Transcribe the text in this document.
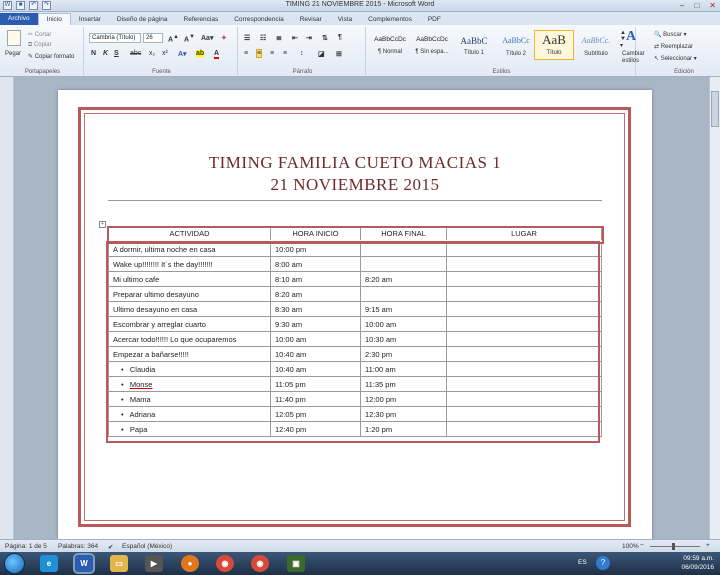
W	■	↶	↷	TIMING 21 NOVIEMBRE 2015 - Microsoft Word	– □ ✕
Archivo	Inicio	Insertar	Diseño de página	Referencias	Correspondencia	Revisar	Vista	Complementos	PDF
Pegar
✂ Cortar
⧉ Copiar
✎ Copiar formato
Portapapeles
Cambria (Título)	26	A▲ A▼ Aa▾ ✦
N K S abc x₂ x² A▾ ab A
Fuente
☰ ☷ ≣ ⇤ ⇥ ⇅ ¶
≡ ≡ ≡ ≡ ↕ ◪ ⊞
Párrafo
AaBbCcDc
¶ Normal
AaBbCcDc
¶ Sin espa...
AaBbC
Título 1
AaBbCc
Título 2
AaB
Título
AaBbCc.
Subtítulo
▲
▼
▾
Estilos
A
Cambiar estilos
🔍 Buscar ▾
⇄ Reemplazar
↖ Seleccionar ▾
Edición
TIMING FAMILIA CUETO MACIAS 1
21 NOVIEMBRE 2015
+
ACTIVIDAD	HORA INICIO	HORA FINAL	LUGAR
A dormir, ultima noche en casa	10:00 pm		
Wake up!!!!!!!! It´s the day!!!!!!!	8:00 am		
Mi ultimo cafe	8:10 am	8:20 am	
Preparar ultimo desayuno	8:20 am		
Ultimo desayuno en casa	8:30 am	9:15 am	
Escombrar y arreglar cuarto	9:30 am	10:00 am	
Acercar todo!!!!!! Lo que ocuparemos	10:00 am	10:30 am	
Empezar a bañarse!!!!!	10:40 am	2:30 pm	
•   Claudia	10:40 am	11:00 am	
•   Monse	11:05 pm	11:35 pm	
•   Mama	11:40 pm	12:00 pm	
•   Adriana	12:05 pm	12:30 pm	
•   Papa	12:40 pm	1:20 pm	
Página: 1 de 5 Palabras: 364 ✔ Español (México)	100% −	+
e	W	▭	▶	●	◉	◉	▣	ES	?	09:59 a.m.
06/09/2016
